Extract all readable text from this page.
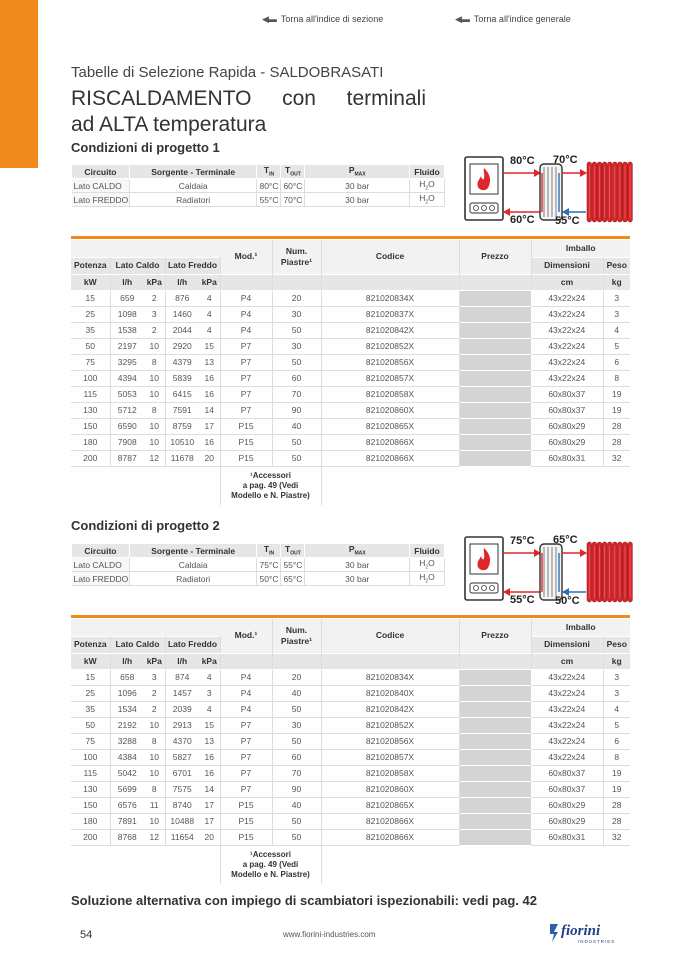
◀▬ Torna all'indice di sezione	◀▬ Torna all'indice generale
Tabelle di Selezione Rapida - SALDOBRASATI
RISCALDAMENTO con terminali
ad ALTA temperatura
Condizioni di progetto 1
Circuito	Sorgente - Terminale	$T_{IN}$	$T_{OUT}$	$P_{MAX}$	Fluido
Lato CALDO	Caldaia	80°C	60°C	30 bar	$H_2O$
Lato FREDDO	Radiatori	55°C	70°C	30 bar	$H_2O$
80°C
60°C
70°C
55°C
					Mod.¹	Num.
Piastre¹	Codice	Prezzo	Imballo	
Potenza	Lato Caldo		Lato Freddo						Dimensioni	Peso
kW	l/h	kPa	l/h	kPa					cm	kg
15	659	2	876	4	P4	20	821020834X		43x22x24	3
25	1098	3	1460	4	P4	30	821020837X		43x22x24	3
35	1538	2	2044	4	P4	50	821020842X		43x22x24	4
50	2197	10	2920	15	P7	30	821020852X		43x22x24	5
75	3295	8	4379	13	P7	50	821020856X		43x22x24	6
100	4394	10	5839	16	P7	60	821020857X		43x22x24	8
115	5053	10	6415	16	P7	70	821020858X		60x80x37	19
130	5712	8	7591	14	P7	90	821020860X		60x80x37	19
150	6590	10	8759	17	P15	40	821020865X		60x80x29	28
180	7908	10	10510	16	P15	50	821020866X		60x80x29	28
200	8787	12	11678	20	P15	50	821020866X		60x80x31	32

					¹Accessori
a pag. 49 (Vedi
Modello e N. Piastre)					

Condizioni di progetto 2
Circuito	Sorgente - Terminale	$T_{IN}$	$T_{OUT}$	$P_{MAX}$	Fluido
Lato CALDO	Caldaia	75°C	55°C	30 bar	$H_2O$
Lato FREDDO	Radiatori	50°C	65°C	30 bar	$H_2O$
75°C
55°C
65°C
50°C
					Mod.¹	Num.
Piastre¹	Codice	Prezzo	Imballo	
Potenza	Lato Caldo		Lato Freddo						Dimensioni	Peso
kW	l/h	kPa	l/h	kPa					cm	kg
15	658	3	874	4	P4	20	821020834X		43x22x24	3
25	1096	2	1457	3	P4	40	821020840X		43x22x24	3
35	1534	2	2039	4	P4	50	821020842X		43x22x24	4
50	2192	10	2913	15	P7	30	821020852X		43x22x24	5
75	3288	8	4370	13	P7	50	821020856X		43x22x24	6
100	4384	10	5827	16	P7	60	821020857X		43x22x24	8
115	5042	10	6701	16	P7	70	821020858X		60x80x37	19
130	5699	8	7575	14	P7	90	821020860X		60x80x37	19
150	6576	11	8740	17	P15	40	821020865X		60x80x29	28
180	7891	10	10488	17	P15	50	821020866X		60x80x29	28
200	8768	12	11654	20	P15	50	821020866X		60x80x31	32

					¹Accessori
a pag. 49 (Vedi
Modello e N. Piastre)					

Soluzione alternativa con impiego di scambiatori ispezionabili: vedi pag. 42
54	www.fiorini-industries.com	fiorini
INDUSTRIES
